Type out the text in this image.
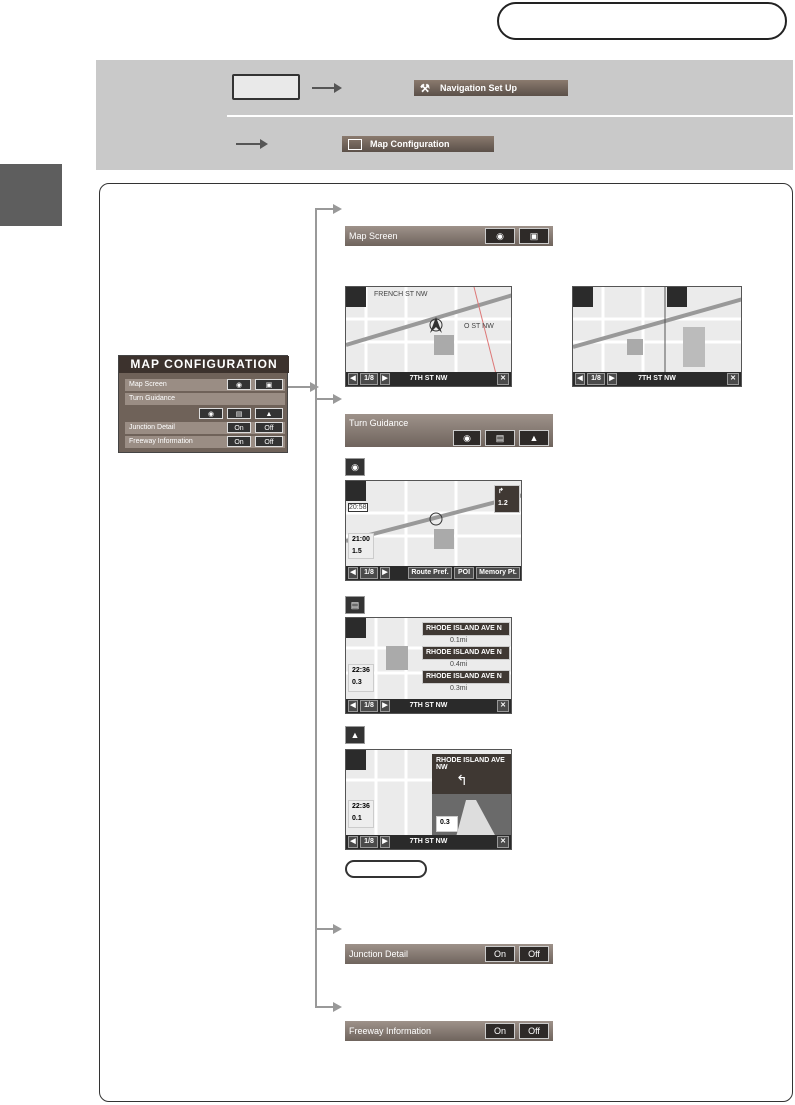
⚒	Navigation Set Up
Map Configuration
MAP CONFIGURATION
Map Screen	◉	▣
Turn Guidance
◉	▤	▲
Junction Detail	On	Off
Freeway Information	On	Off
Map Screen	◉	▣
FRENCH ST NW
O ST NW
◀	1/8	▶	7TH ST NW	✕	◀	1/8	▶	7TH ST NW	✕
Turn Guidance
◉	▤	▲
◉
20:58
↱
1.2
21:00
1.5
◀	1/8	▶	Route Pref.	POI	Memory Pt.
▤
22:36
0.3
RHODE ISLAND AVE N
0.1mi
RHODE ISLAND AVE N
0.4mi
RHODE ISLAND AVE N
0.3mi
◀	1/8	▶	7TH ST NW	✕
▲
RHODE ISLAND AVE NW
↰
22:36
0.1
0.3
◀	1/8	▶	7TH ST NW	✕
Junction Detail	On	Off
Freeway Information	On	Off
